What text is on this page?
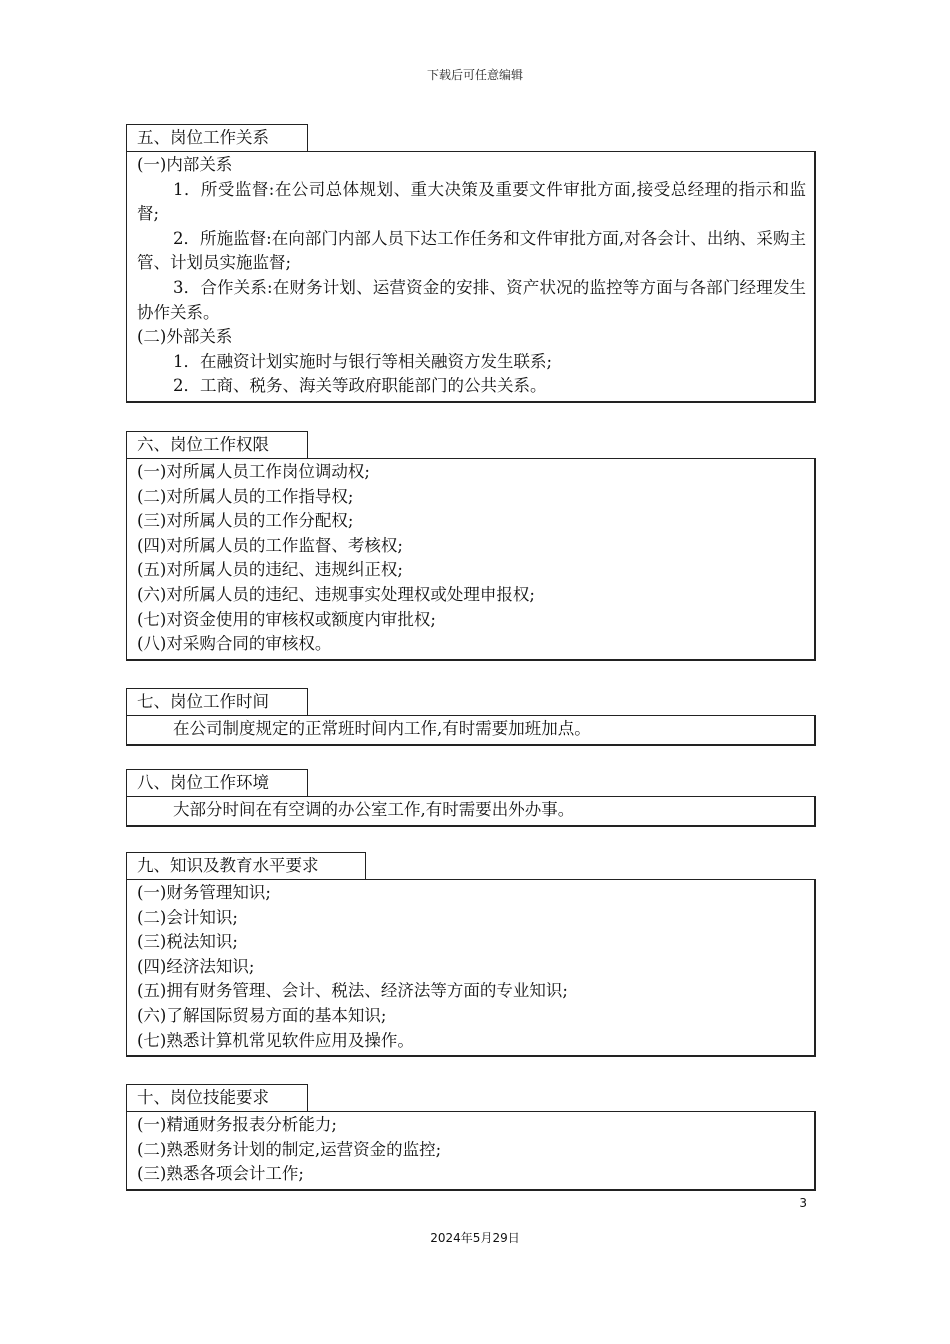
下载后可任意编辑
五、岗位工作关系
(一)内部关系
1．所受监督:在公司总体规划、重大决策及重要文件审批方面,接受总经理的指示和监督;
2．所施监督:在向部门内部人员下达工作任务和文件审批方面,对各会计、出纳、采购主管、计划员实施监督;
3．合作关系:在财务计划、运营资金的安排、资产状况的监控等方面与各部门经理发生协作关系。
(二)外部关系
1．在融资计划实施时与银行等相关融资方发生联系;
2．工商、税务、海关等政府职能部门的公共关系。
六、岗位工作权限
(一)对所属人员工作岗位调动权;
(二)对所属人员的工作指导权;
(三)对所属人员的工作分配权;
(四)对所属人员的工作监督、考核权;
(五)对所属人员的违纪、违规纠正权;
(六)对所属人员的违纪、违规事实处理权或处理申报权;
(七)对资金使用的审核权或额度内审批权;
(八)对采购合同的审核权。
七、岗位工作时间
在公司制度规定的正常班时间内工作,有时需要加班加点。
八、岗位工作环境
大部分时间在有空调的办公室工作,有时需要出外办事。
九、知识及教育水平要求
(一)财务管理知识;
(二)会计知识;
(三)税法知识;
(四)经济法知识;
(五)拥有财务管理、会计、税法、经济法等方面的专业知识;
(六)了解国际贸易方面的基本知识;
(七)熟悉计算机常见软件应用及操作。
十、岗位技能要求
(一)精通财务报表分析能力;
(二)熟悉财务计划的制定,运营资金的监控;
(三)熟悉各项会计工作;
3
2024年5月29日
